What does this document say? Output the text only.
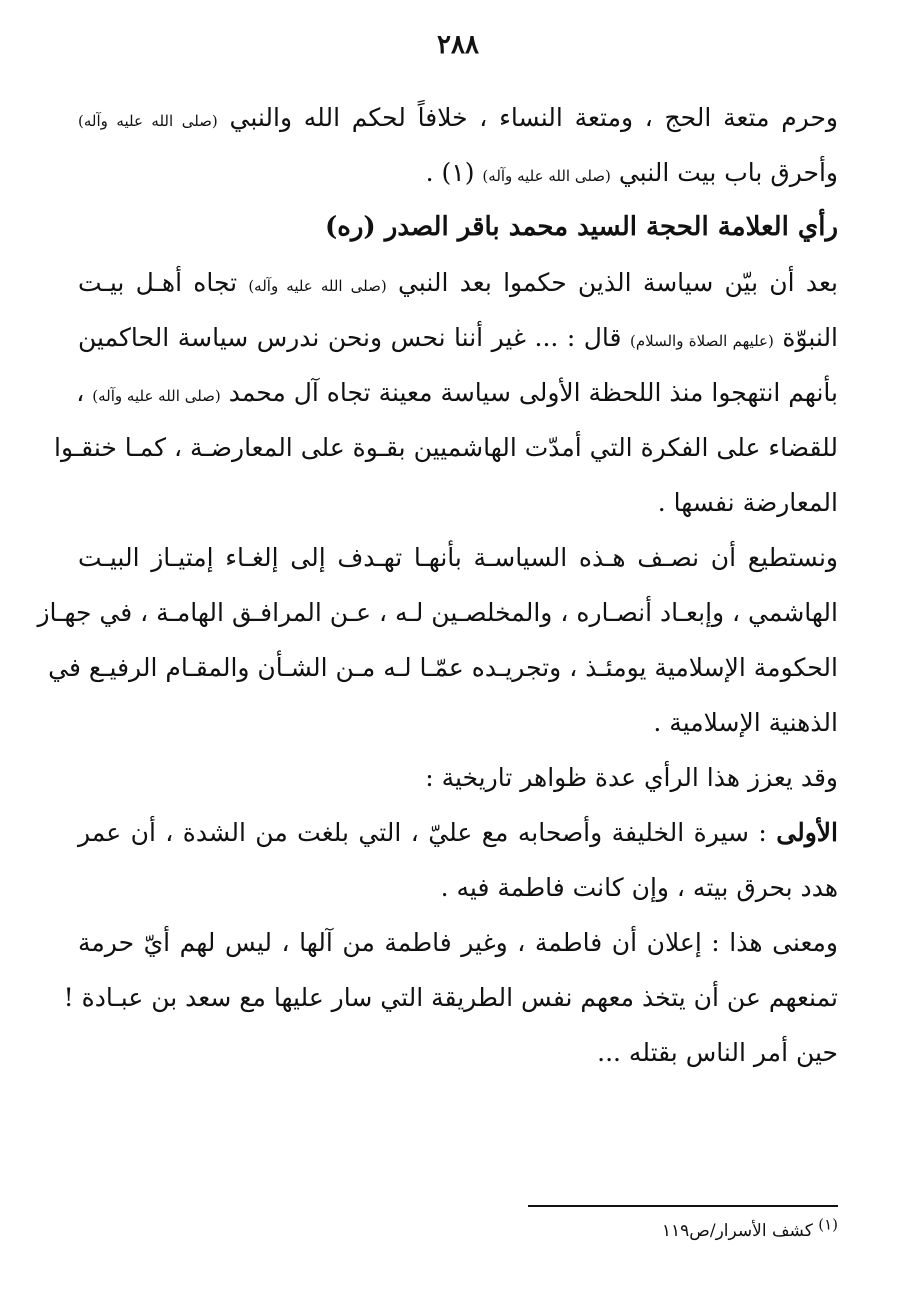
٢٨٨
وحرم متعة الحج ، ومتعة النساء ، خلافاً لحكم الله والنبي (صلى الله عليه وآله)
وأحرق باب بيت النبي (صلى الله عليه وآله) (١) .
رأي العلامة الحجة السيد محمد باقر الصدر (ره)
بعد أن بيّن سياسة الذين حكموا بعد النبي (صلى الله عليه وآله) تجاه أهـل بيـت
النبوّة (عليهم الصلاة والسلام) قال : ... غير أننا نحس ونحن ندرس سياسة الحاكمين
بأنهم انتهجوا منذ اللحظة الأولى سياسة معينة تجاه آل محمد (صلى الله عليه وآله) ،
للقضاء على الفكرة التي أمدّت الهاشميين بقـوة على المعارضـة ، كمـا خنقـوا
المعارضة نفسها .
ونستطيع أن نصـف هـذه السياسـة بأنهـا تهـدف إلى إلغـاء إمتيـاز البيـت
الهاشمي ، وإبعـاد أنصـاره ، والمخلصـين لـه ، عـن المرافـق الهامـة ، في جهـاز
الحكومة الإسلامية يومئـذ ، وتجريـده عمّـا لـه مـن الشـأن والمقـام الرفيـع في
الذهنية الإسلامية .
وقد يعزز هذا الرأي عدة ظواهر تاريخية :
الأولى : سيرة الخليفة وأصحابه مع عليّ ، التي بلغت من الشدة ، أن عمر
هدد بحرق بيته ، وإن كانت فاطمة فيه .
ومعنى هذا : إعلان أن فاطمة ، وغير فاطمة من آلها ، ليس لهم أيّ حرمة
تمنعهم عن أن يتخذ معهم نفس الطريقة التي سار عليها مع سعد بن عبـادة !
حين أمر الناس بقتله ...
(١) كشف الأسرار/ص١١٩
